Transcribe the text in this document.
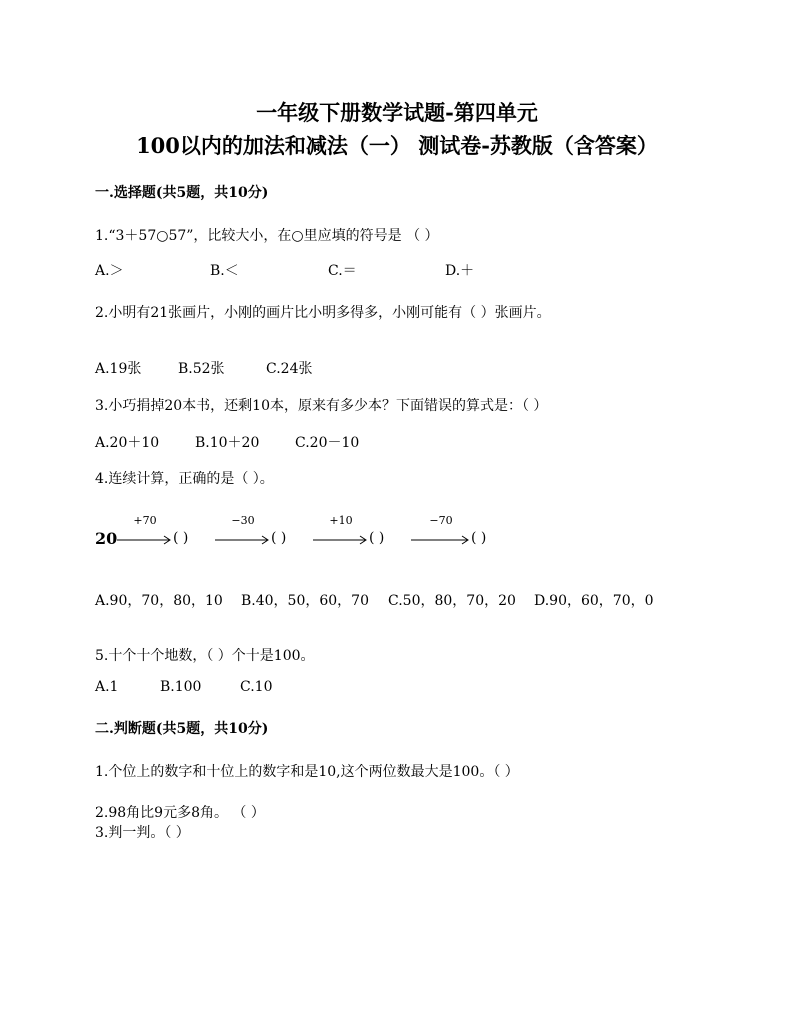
一年级下册数学试题-第四单元
100以内的加法和减法（一） 测试卷-苏教版（含答案）
一.选择题(共5题，共10分)
1.“3＋57○57”，比较大小，在○里应填的符号是 （ ）
A.＞	B.＜	C.＝	D.＋
2.小明有21张画片，小刚的画片比小明多得多，小刚可能有（ ）张画片。
A.19张	B.52张	C.24张
3.小巧捐掉20本书，还剩10本，原来有多少本？下面错误的算式是：（ ）
A.20＋10	B.10＋20	C.20－10
4.连续计算，正确的是（ ）。
20
+70
( )
−30
( )
+10
( )
−70
( )
A.90，70，80，10 B.40，50，60，70 C.50，80，70，20 D.90，60，70，0
5.十个十个地数，（ ）个十是100。
A.1	B.100	C.10
二.判断题(共5题，共10分)
1.个位上的数字和十位上的数字和是10,这个两位数最大是100。（ ）
2.98角比9元多8角。 （ ）
3.判一判。（ ）
